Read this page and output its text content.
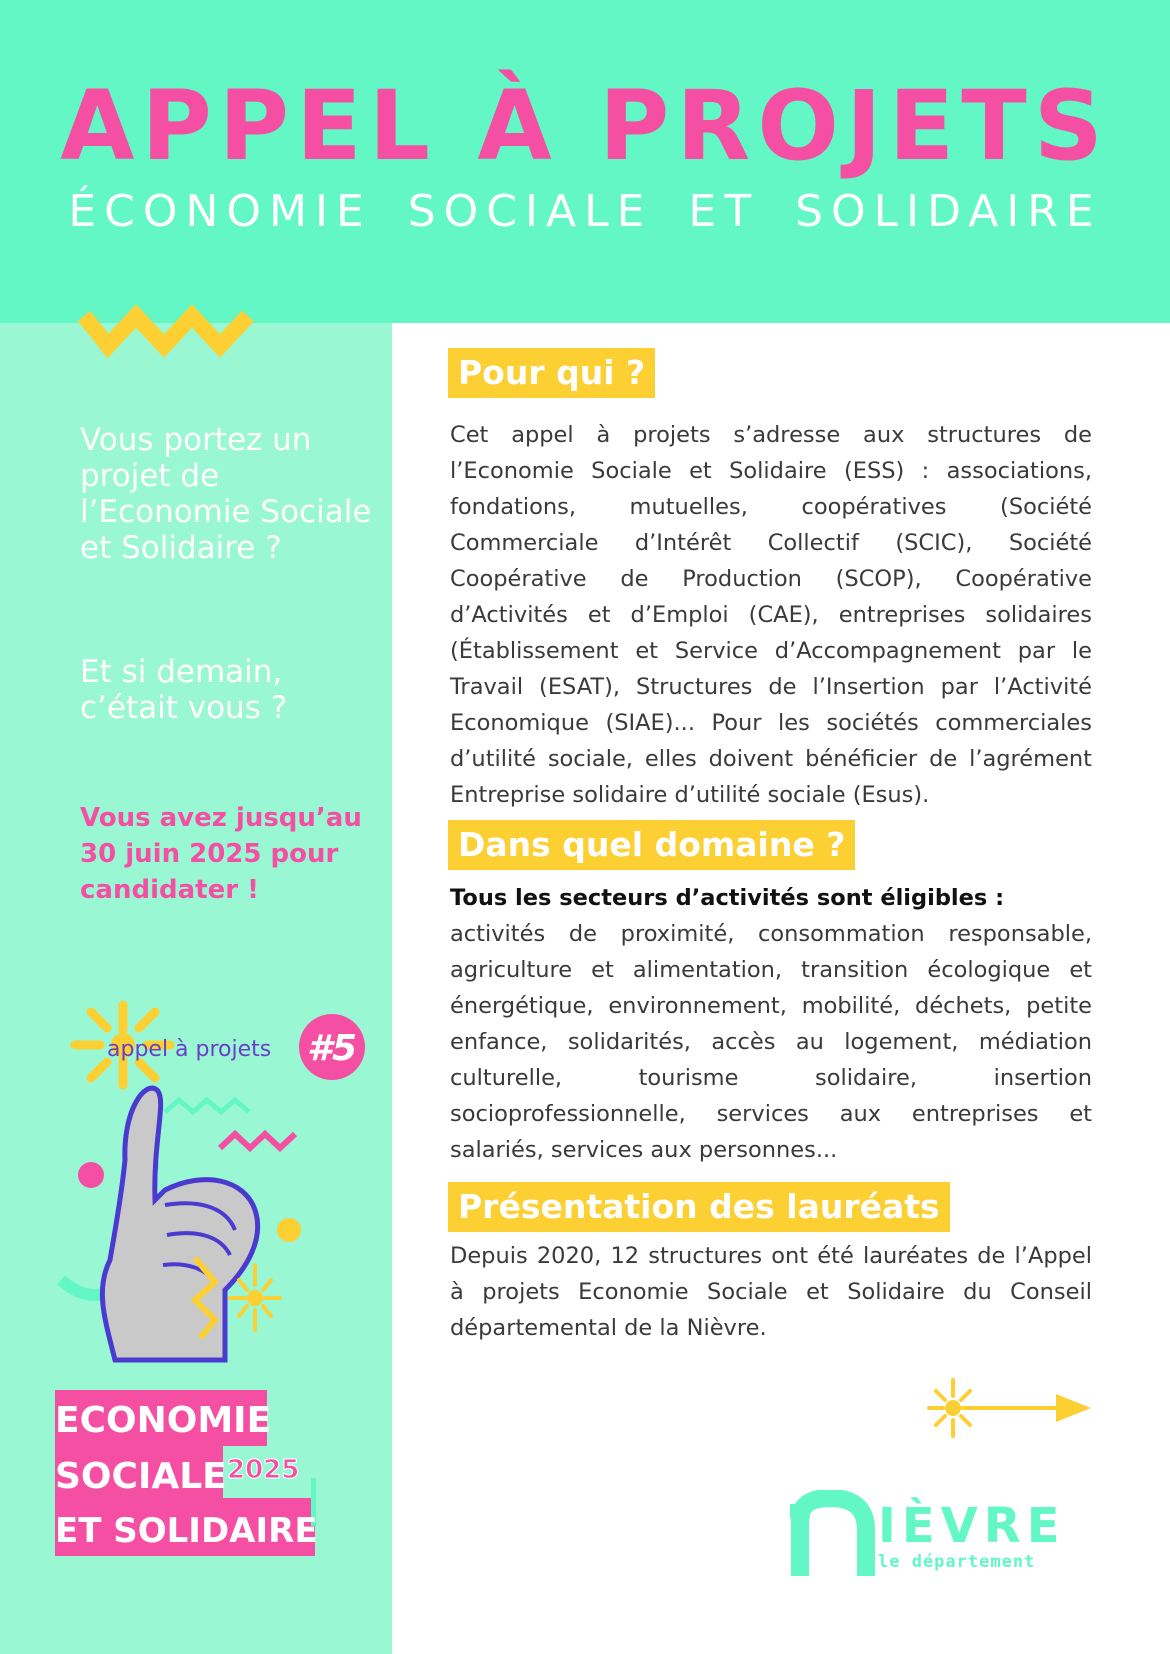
APPEL À PROJETS
ÉCONOMIE SOCIALE ET SOLIDAIRE

Vous portez un projet de l’Economie Sociale et Solidaire ?

Et si demain, c’était vous ?

Vous avez jusqu’au 30 juin 2025 pour candidater !

appel à projets #5
ECONOMIE
SOCIALE 2025
ET SOLIDAIRE
Pour qui ?

Cet appel à projets s’adresse aux structures de l’Economie Sociale et Solidaire (ESS) : associations, fondations, mutuelles, coopératives (Société Commerciale d’Intérêt Collectif (SCIC), Société Coopérative de Production (SCOP), Coopérative d’Activités et d’Emploi (CAE), entreprises solidaires (Établissement et Service d’Accompagnement par le Travail (ESAT), Structures de l’Insertion par l’Activité Economique (SIAE)... Pour les sociétés commerciales d’utilité sociale, elles doivent bénéficier de l’agrément Entreprise solidaire d’utilité sociale (Esus).

Dans quel domaine ?

Tous les secteurs d’activités sont éligibles :

activités de proximité, consommation responsable, agriculture et alimentation, transition écologique et énergétique, environnement, mobilité, déchets, petite enfance, solidarités, accès au logement, médiation culturelle, tourisme solidaire, insertion socioprofessionnelle, services aux entreprises et salariés, services aux personnes...

Présentation des lauréats

Depuis 2020, 12 structures ont été lauréates de l’Appel à projets Economie Sociale et Solidaire du Conseil départemental de la Nièvre.

IÈVRE
le département
